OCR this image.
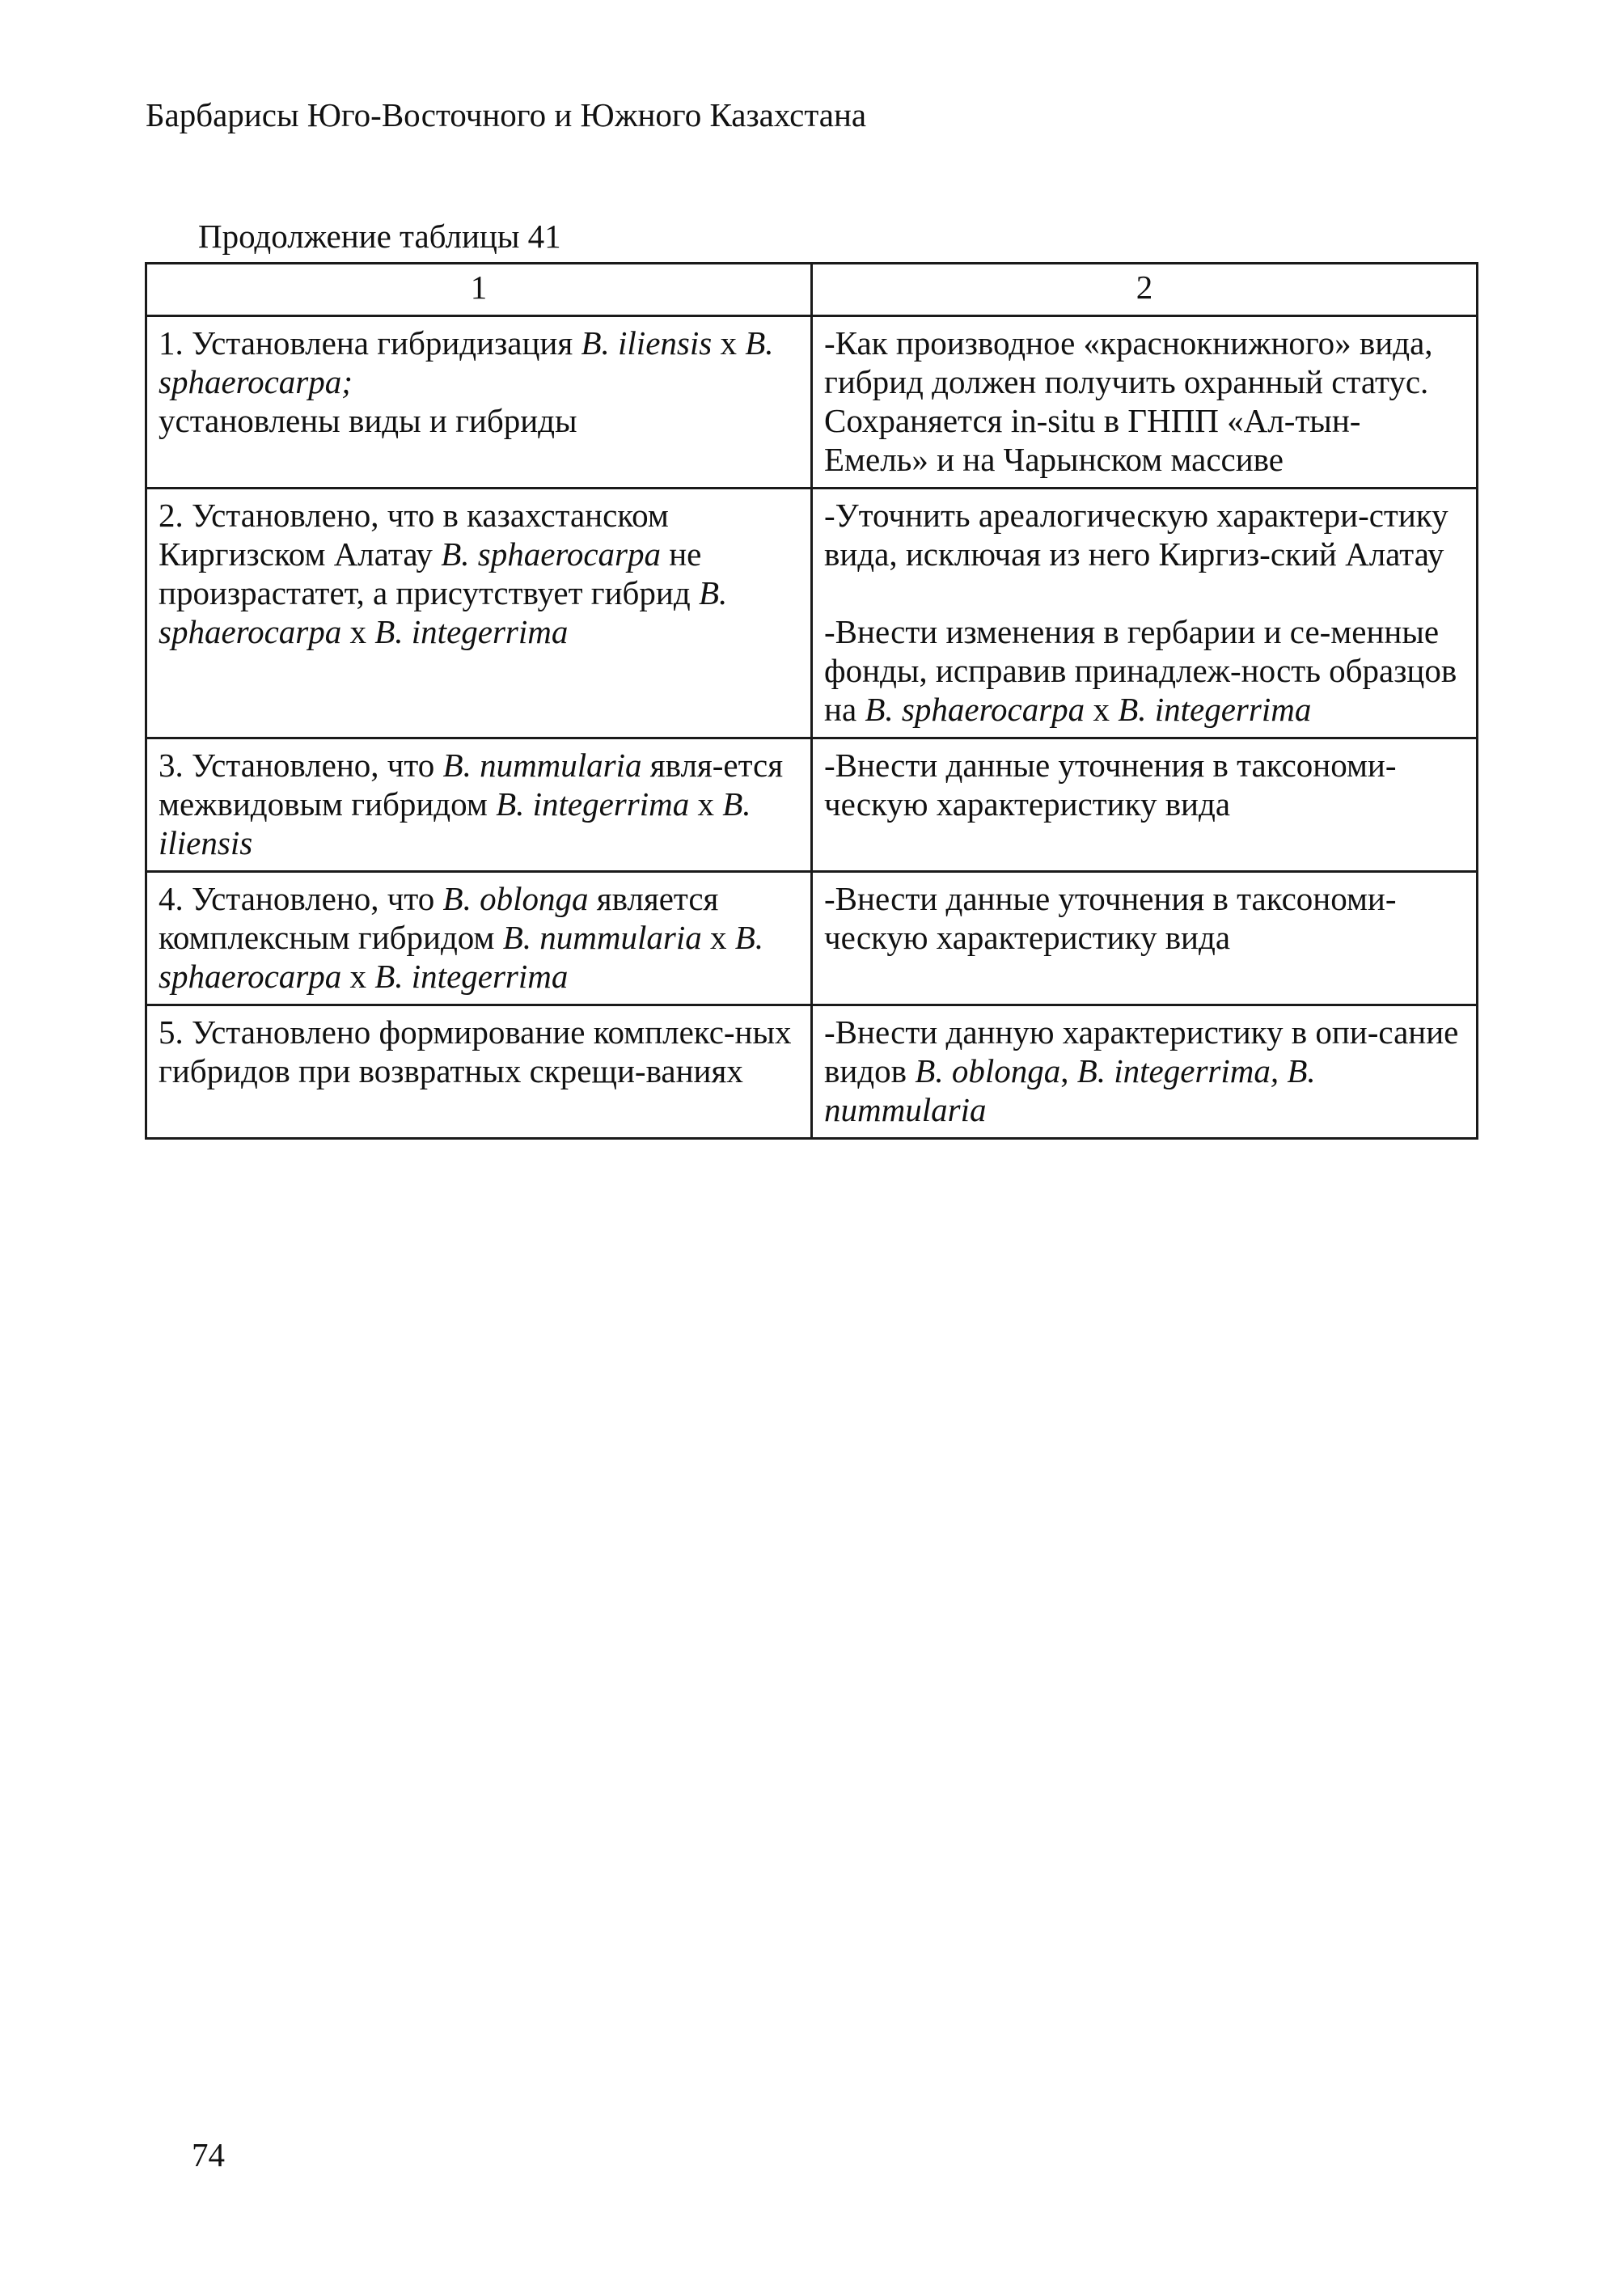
Барбарисы Юго-Восточного и Южного Казахстана
Продолжение таблицы 41
1	2

1. Установлена гибридизация B. iliensis x B. sphaerocarpa;
установлены виды и гибриды	-Как производное «краснокнижного» вида, гибрид должен получить охранный статус. Сохраняется in-situ в ГНПП «Ал-тын-Емель» и на Чарынском массиве

2. Установлено, что в казахстанском Киргизском Алатау B. sphaerocarpa не произрастатет, а присутствует гибрид B. sphaerocarpa x B. integerrima	-Уточнить ареалогическую характери-стику вида, исключая из него Киргиз-ский Алатау
-Внести изменения в гербарии и се-менные фонды, исправив принадлеж-ность образцов на B. sphaerocarpa x B. integerrima

3. Установлено, что B. nummularia явля-ется межвидовым гибридом B. integerrima x B. iliensis	-Внести данные уточнения в таксономи-ческую характеристику вида

4. Установлено, что B. oblonga является комплексным гибридом B. nummularia x B. sphaerocarpa x B. integerrima	-Внести данные уточнения в таксономи-ческую характеристику вида

5. Установлено формирование комплекс-ных гибридов при возвратных скрещи-ваниях	-Внести данную характеристику в опи-сание видов B. oblonga, B. integerrima, B. nummularia
74
